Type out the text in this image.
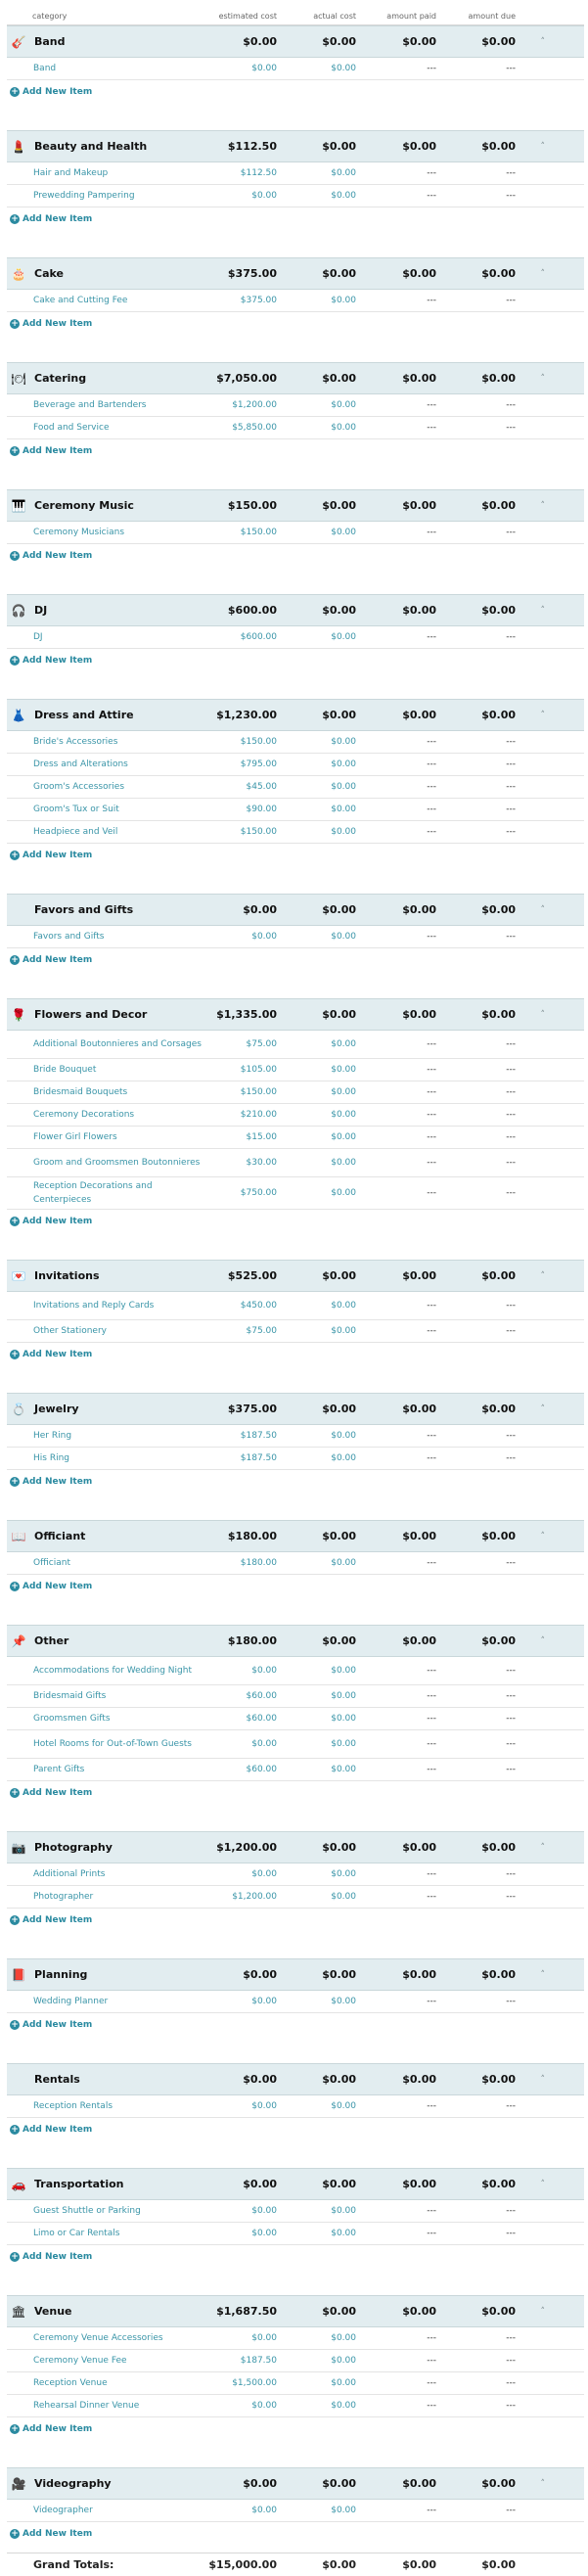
category	estimated cost	actual cost	amount paid	amount due
🎸 Band	$0.00	$0.00	$0.00	$0.00	˄
Band	$0.00	$0.00	---	---
+ Add New Item
💄 Beauty and Health	$112.50	$0.00	$0.00	$0.00	˄
Hair and Makeup	$112.50	$0.00	---	---
Prewedding Pampering	$0.00	$0.00	---	---
+ Add New Item
🎂 Cake	$375.00	$0.00	$0.00	$0.00	˄
Cake and Cutting Fee	$375.00	$0.00	---	---
+ Add New Item
🍽 Catering	$7,050.00	$0.00	$0.00	$0.00	˄
Beverage and Bartenders	$1,200.00	$0.00	---	---
Food and Service	$5,850.00	$0.00	---	---
+ Add New Item
🎹 Ceremony Music	$150.00	$0.00	$0.00	$0.00	˄
Ceremony Musicians	$150.00	$0.00	---	---
+ Add New Item
🎧 DJ	$600.00	$0.00	$0.00	$0.00	˄
DJ	$600.00	$0.00	---	---
+ Add New Item
👗 Dress and Attire	$1,230.00	$0.00	$0.00	$0.00	˄
Bride's Accessories	$150.00	$0.00	---	---
Dress and Alterations	$795.00	$0.00	---	---
Groom's Accessories	$45.00	$0.00	---	---
Groom's Tux or Suit	$90.00	$0.00	---	---
Headpiece and Veil	$150.00	$0.00	---	---
+ Add New Item
Favors and Gifts	$0.00	$0.00	$0.00	$0.00	˄
Favors and Gifts	$0.00	$0.00	---	---
+ Add New Item
🌹 Flowers and Decor	$1,335.00	$0.00	$0.00	$0.00	˄
Additional Boutonnieres and Corsages	$75.00	$0.00	---	---
Bride Bouquet	$105.00	$0.00	---	---
Bridesmaid Bouquets	$150.00	$0.00	---	---
Ceremony Decorations	$210.00	$0.00	---	---
Flower Girl Flowers	$15.00	$0.00	---	---
Groom and Groomsmen Boutonnieres	$30.00	$0.00	---	---
Reception Decorations and Centerpieces
$750.00	$0.00	---	---
+ Add New Item
💌 Invitations	$525.00	$0.00	$0.00	$0.00	˄
Invitations and Reply Cards	$450.00	$0.00	---	---
Other Stationery	$75.00	$0.00	---	---
+ Add New Item
💍 Jewelry	$375.00	$0.00	$0.00	$0.00	˄
Her Ring	$187.50	$0.00	---	---
His Ring	$187.50	$0.00	---	---
+ Add New Item
📖 Officiant	$180.00	$0.00	$0.00	$0.00	˄
Officiant	$180.00	$0.00	---	---
+ Add New Item
📌 Other	$180.00	$0.00	$0.00	$0.00	˄
Accommodations for Wedding Night	$0.00	$0.00	---	---
Bridesmaid Gifts	$60.00	$0.00	---	---
Groomsmen Gifts	$60.00	$0.00	---	---
Hotel Rooms for Out-of-Town Guests	$0.00	$0.00	---	---
Parent Gifts	$60.00	$0.00	---	---
+ Add New Item
📷 Photography	$1,200.00	$0.00	$0.00	$0.00	˄
Additional Prints	$0.00	$0.00	---	---
Photographer	$1,200.00	$0.00	---	---
+ Add New Item
📕 Planning	$0.00	$0.00	$0.00	$0.00	˄
Wedding Planner	$0.00	$0.00	---	---
+ Add New Item
Rentals	$0.00	$0.00	$0.00	$0.00	˄
Reception Rentals	$0.00	$0.00	---	---
+ Add New Item
🚗 Transportation	$0.00	$0.00	$0.00	$0.00	˄
Guest Shuttle or Parking	$0.00	$0.00	---	---
Limo or Car Rentals	$0.00	$0.00	---	---
+ Add New Item
🏛 Venue	$1,687.50	$0.00	$0.00	$0.00	˄
Ceremony Venue Accessories	$0.00	$0.00	---	---
Ceremony Venue Fee	$187.50	$0.00	---	---
Reception Venue	$1,500.00	$0.00	---	---
Rehearsal Dinner Venue	$0.00	$0.00	---	---
+ Add New Item
🎥 Videography	$0.00	$0.00	$0.00	$0.00	˄
Videographer	$0.00	$0.00	---	---
+ Add New Item
Grand Totals:	$15,000.00	$0.00	$0.00	$0.00
